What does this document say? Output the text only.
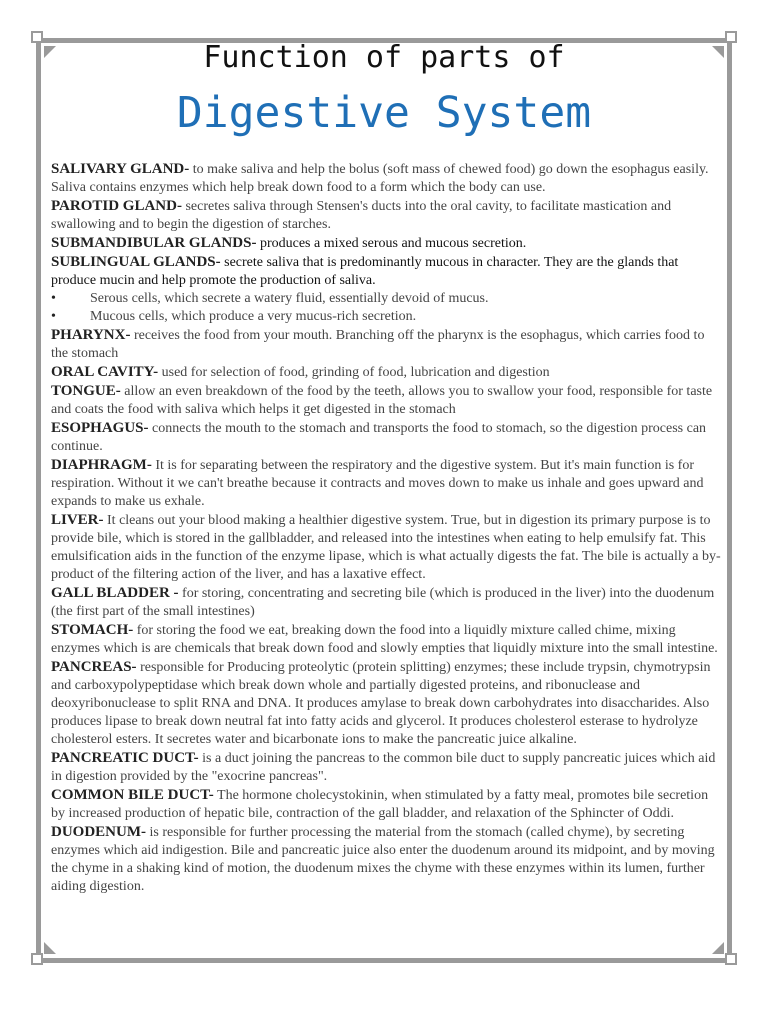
Function of parts of
Digestive System

SALIVARY GLAND- to make saliva and help the bolus (soft mass of chewed food) go down the esophagus easily. Saliva contains enzymes which help break down food to a form which the body can use.

PAROTID GLAND- secretes saliva through Stensen's ducts into the oral cavity, to facilitate mastication and swallowing and to begin the digestion of starches.

SUBMANDIBULAR GLANDS- produces a mixed serous and mucous secretion.

SUBLINGUAL GLANDS- secrete saliva that is predominantly mucous in character. They are the glands that produce mucin and help promote the production of saliva.

• Serous cells, which secrete a watery fluid, essentially devoid of mucus.
• Mucous cells, which produce a very mucus-rich secretion.

PHARYNX- receives the food from your mouth. Branching off the pharynx is the esophagus, which carries food to the stomach

ORAL CAVITY- used for selection of food, grinding of food, lubrication and digestion

TONGUE- allow an even breakdown of the food by the teeth, allows you to swallow your food, responsible for taste and coats the food with saliva which helps it get digested in the stomach

ESOPHAGUS- connects the mouth to the stomach and transports the food to stomach, so the digestion process can continue.

DIAPHRAGM- It is for separating between the respiratory and the digestive system. But it's main function is for respiration. Without it we can't breathe because it contracts and moves down to make us inhale and goes upward and expands to make us exhale.

LIVER- It cleans out your blood making a healthier digestive system. True, but in digestion its primary purpose is to provide bile, which is stored in the gallbladder, and released into the intestines when eating to help emulsify fat. This emulsification aids in the function of the enzyme lipase, which is what actually digests the fat. The bile is actually a by-product of the filtering action of the liver, and has a laxative effect.

GALL BLADDER - for storing, concentrating and secreting bile (which is produced in the liver) into the duodenum (the first part of the small intestines)

STOMACH- for storing the food we eat, breaking down the food into a liquidly mixture called chime, mixing enzymes which is are chemicals that break down food and slowly empties that liquidly mixture into the small intestine.

PANCREAS- responsible for Producing proteolytic (protein splitting) enzymes; these include trypsin, chymotrypsin and carboxypolypeptidase which break down whole and partially digested proteins, and ribonuclease and deoxyribonuclease to split RNA and DNA. It produces amylase to break down carbohydrates into disaccharides. Also produces lipase to break down neutral fat into fatty acids and glycerol. It produces cholesterol esterase to hydrolyze cholesterol esters. It secretes water and bicarbonate ions to make the pancreatic juice alkaline.

PANCREATIC DUCT- is a duct joining the pancreas to the common bile duct to supply pancreatic juices which aid in digestion provided by the "exocrine pancreas".

COMMON BILE DUCT- The hormone cholecystokinin, when stimulated by a fatty meal, promotes bile secretion by increased production of hepatic bile, contraction of the gall bladder, and relaxation of the Sphincter of Oddi.

DUODENUM- is responsible for further processing the material from the stomach (called chyme), by secreting enzymes which aid indigestion. Bile and pancreatic juice also enter the duodenum around its midpoint, and by moving the chyme in a shaking kind of motion, the duodenum mixes the chyme with these enzymes within its lumen, further aiding digestion.
